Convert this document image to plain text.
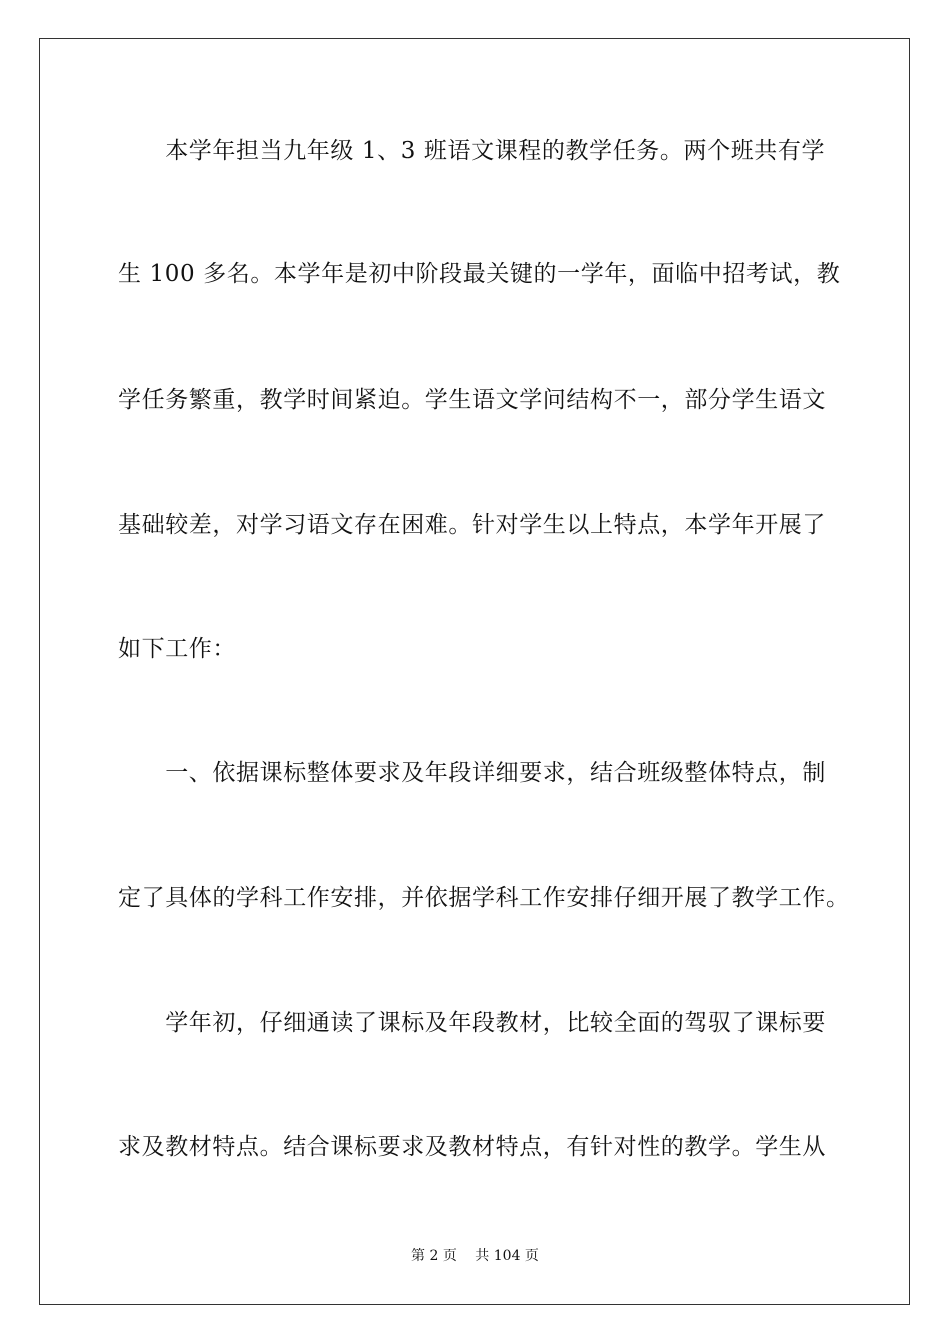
　　本学年担当九年级 1、3 班语文课程的教学任务。两个班共有学
生 100 多名。本学年是初中阶段最关键的一学年，面临中招考试，教
学任务繁重，教学时间紧迫。学生语文学问结构不一，部分学生语文
基础较差，对学习语文存在困难。针对学生以上特点，本学年开展了
如下工作：
　　一、依据课标整体要求及年段详细要求，结合班级整体特点，制
定了具体的学科工作安排，并依据学科工作安排仔细开展了教学工作。
　　学年初，仔细通读了课标及年段教材，比较全面的驾驭了课标要
求及教材特点。结合课标要求及教材特点，有针对性的教学。学生从
第 2 页　 共 104 页
